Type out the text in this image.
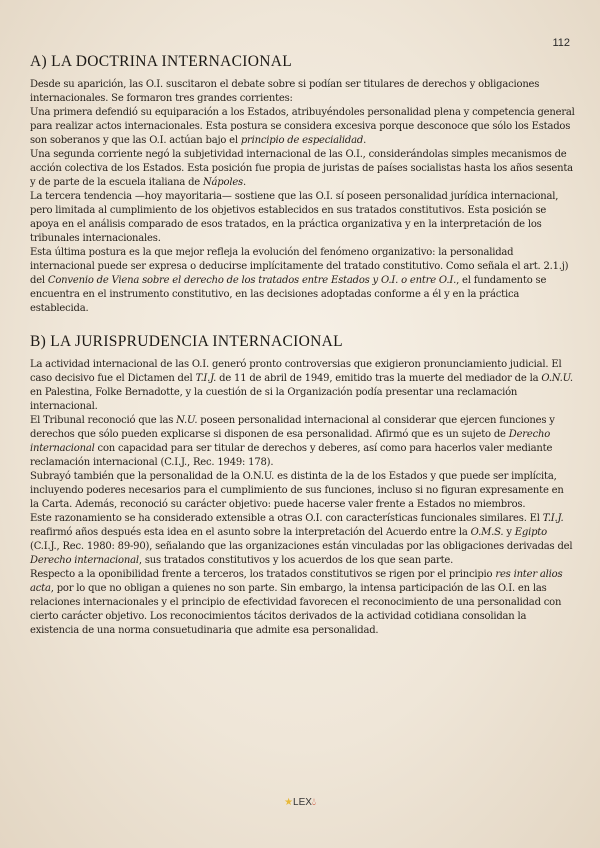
112
A) LA DOCTRINA INTERNACIONAL

Desde su aparición, las O.I. suscitaron el debate sobre si podían ser titulares de derechos y obligaciones internacionales. Se formaron tres grandes corrientes:

Una primera defendió su equiparación a los Estados, atribuyéndoles personalidad plena y competencia general para realizar actos internacionales. Esta postura se considera excesiva porque desconoce que sólo los Estados son soberanos y que las O.I. actúan bajo el principio de especialidad.

Una segunda corriente negó la subjetividad internacional de las O.I., considerándolas simples mecanismos de acción colectiva de los Estados. Esta posición fue propia de juristas de países socialistas hasta los años sesenta y de parte de la escuela italiana de Nápoles.

La tercera tendencia —hoy mayoritaria— sostiene que las O.I. sí poseen personalidad jurídica internacional, pero limitada al cumplimiento de los objetivos establecidos en sus tratados constitutivos. Esta posición se apoya en el análisis comparado de esos tratados, en la práctica organizativa y en la interpretación de los tribunales internacionales.

Esta última postura es la que mejor refleja la evolución del fenómeno organizativo: la personalidad internacional puede ser expresa o deducirse implícitamente del tratado constitutivo. Como señala el art. 2.1.j) del Convenio de Viena sobre el derecho de los tratados entre Estados y O.I. o entre O.I., el fundamento se encuentra en el instrumento constitutivo, en las decisiones adoptadas conforme a él y en la práctica establecida.

B) LA JURISPRUDENCIA INTERNACIONAL

La actividad internacional de las O.I. generó pronto controversias que exigieron pronunciamiento judicial. El caso decisivo fue el Dictamen del T.I.J. de 11 de abril de 1949, emitido tras la muerte del mediador de la O.N.U. en Palestina, Folke Bernadotte, y la cuestión de si la Organización podía presentar una reclamación internacional.

El Tribunal reconoció que las N.U. poseen personalidad internacional al considerar que ejercen funciones y derechos que sólo pueden explicarse si disponen de esa personalidad. Afirmó que es un sujeto de Derecho internacional con capacidad para ser titular de derechos y deberes, así como para hacerlos valer mediante reclamación internacional (C.I.J., Rec. 1949: 178).

Subrayó también que la personalidad de la O.N.U. es distinta de la de los Estados y que puede ser implícita, incluyendo poderes necesarios para el cumplimiento de sus funciones, incluso si no figuran expresamente en la Carta. Además, reconoció su carácter objetivo: puede hacerse valer frente a Estados no miembros.

Este razonamiento se ha considerado extensible a otras O.I. con características funcionales similares. El T.I.J. reafirmó años después esta idea en el asunto sobre la interpretación del Acuerdo entre la O.M.S. y Egipto (C.I.J., Rec. 1980: 89-90), señalando que las organizaciones están vinculadas por las obligaciones derivadas del Derecho internacional, sus tratados constitutivos y los acuerdos de los que sean parte.

Respecto a la oponibilidad frente a terceros, los tratados constitutivos se rigen por el principio res inter alios acta, por lo que no obligan a quienes no son parte. Sin embargo, la intensa participación de las O.I. en las relaciones internacionales y el principio de efectividad favorecen el reconocimiento de una personalidad con cierto carácter objetivo. Los reconocimientos tácitos derivados de la actividad cotidiana consolidan la existencia de una norma consuetudinaria que admite esa personalidad.

★LEX💧︎
